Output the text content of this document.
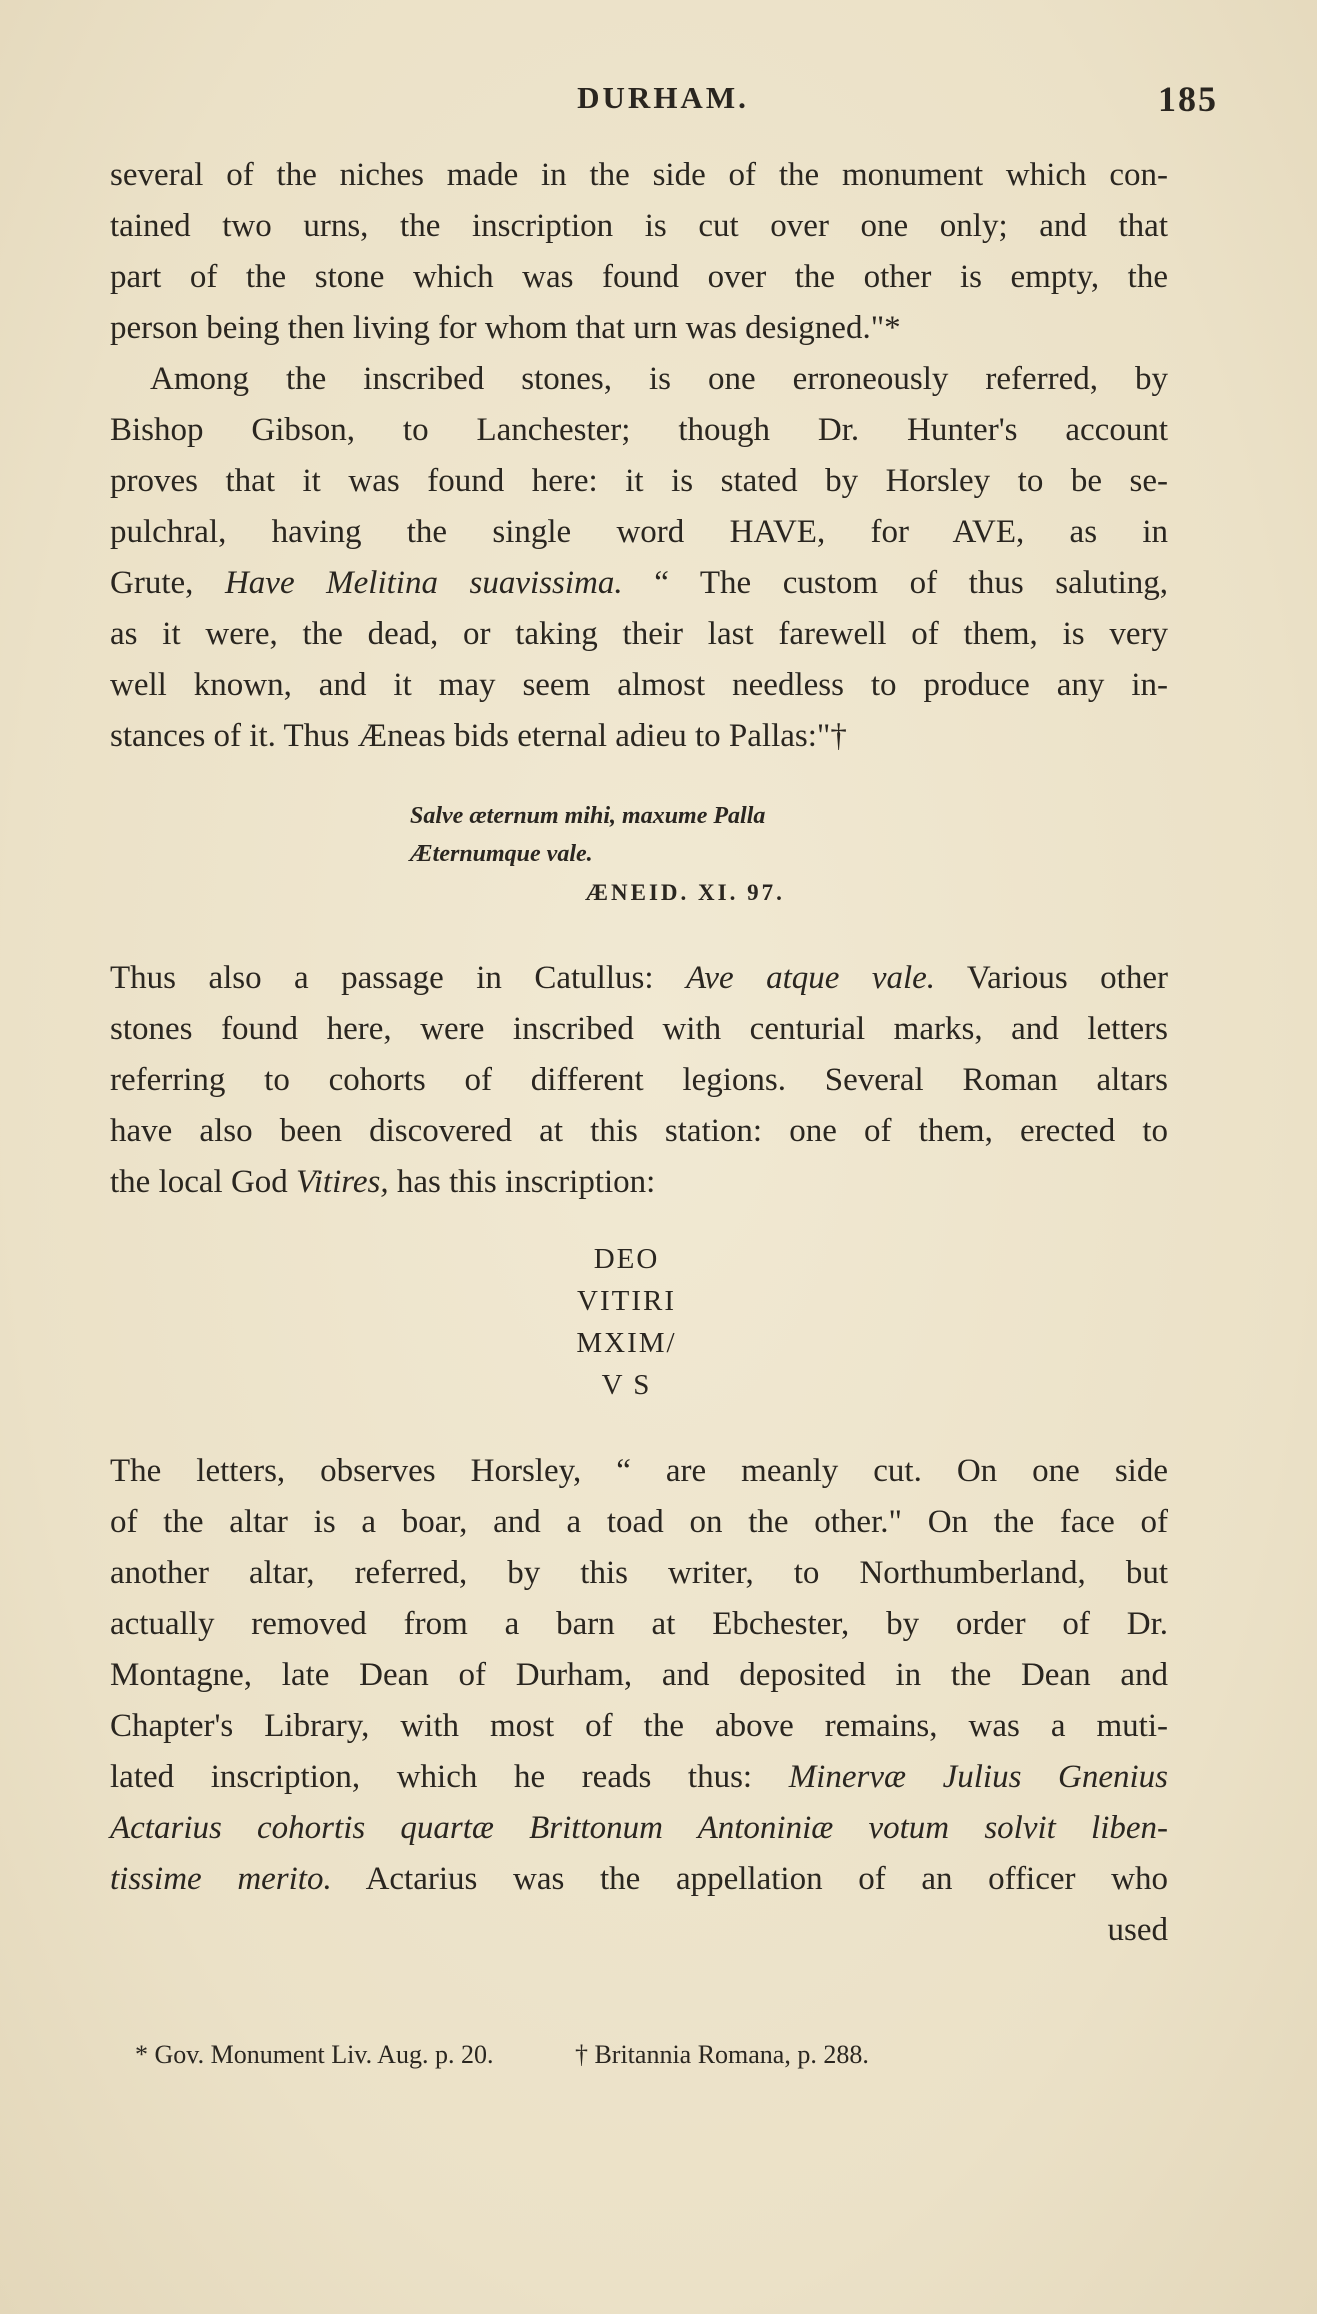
DURHAM.	185
several of the niches made in the side of the monument which con-
tained two urns, the inscription is cut over one only; and that
part of the stone which was found over the other is empty, the
person being then living for whom that urn was designed."*
Among the inscribed stones, is one erroneously referred, by
Bishop Gibson, to Lanchester; though Dr. Hunter's account
proves that it was found here: it is stated by Horsley to be se-
pulchral, having the single word HAVE, for AVE, as in
Grute, Have Melitina suavissima. “ The custom of thus saluting,
as it were, the dead, or taking their last farewell of them, is very
well known, and it may seem almost needless to produce any in-
stances of it. Thus Æneas bids eternal adieu to Pallas:"†
Salve æternum mihi, maxume Palla
Æternumque vale.
ÆNEID. XI. 97.
Thus also a passage in Catullus: Ave atque vale. Various other
stones found here, were inscribed with centurial marks, and letters
referring to cohorts of different legions. Several Roman altars
have also been discovered at this station: one of them, erected to
the local God Vitires, has this inscription:
DEO
VITIRI
MXIM/
V S
The letters, observes Horsley, “ are meanly cut. On one side
of the altar is a boar, and a toad on the other." On the face of
another altar, referred, by this writer, to Northumberland, but
actually removed from a barn at Ebchester, by order of Dr.
Montagne, late Dean of Durham, and deposited in the Dean and
Chapter's Library, with most of the above remains, was a muti-
lated inscription, which he reads thus: Minervæ Julius Gnenius
Actarius cohortis quartæ Brittonum Antoniniæ votum solvit liben-
tissime merito. Actarius was the appellation of an officer who
used
* Gov. Monument Liv. Aug. p. 20.	† Britannia Romana, p. 288.
